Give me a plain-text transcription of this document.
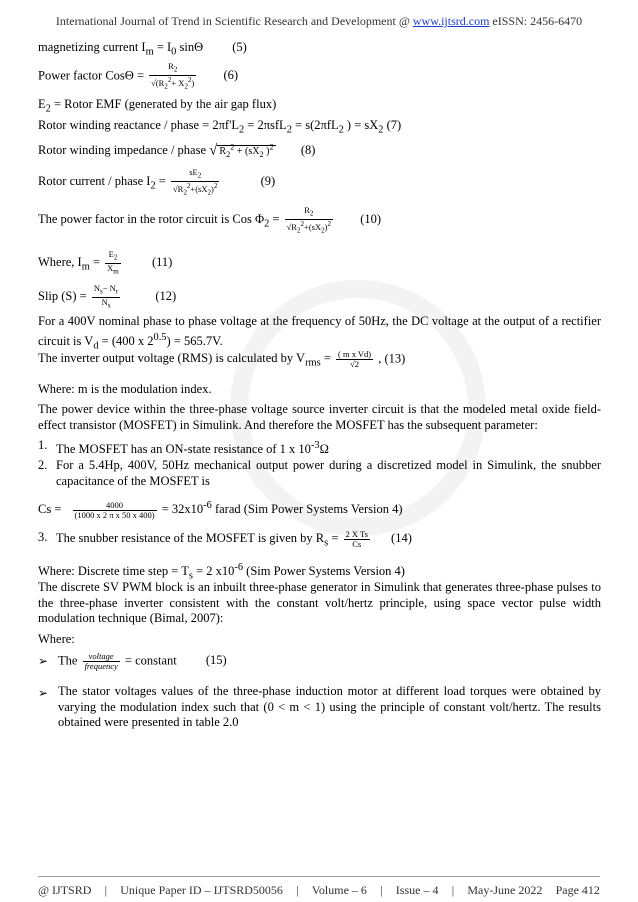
International Journal of Trend in Scientific Research and Development @ www.ijtsrd.com eISSN: 2456-6470
magnetizing current $I_m = I_0$ sinΘ (5)
Power factor $Cos\Theta = \frac{R_2}{√(R_2^2+ X_2^2)} (6)$
$E_2$ = Rotor EMF (generated by the air gap flux)
Rotor winding reactance / phase = $2\pi f'L_2 = 2\pi sfL_2 = s(2\pi fL_2$ ) = $sX_2$ (7)
Rotor winding impedance / phase √ $R_2^2 + (sX_2$ )$^2$ (8)
Rotor current / phase $I_2 = \frac{sE_2}{√R_2^2+(sX_2)^2}$	(9)
The power factor in the rotor circuit is Cos $\Phi_2 = \frac{R_2}{√R_2^2+(sX_2)^2} (10)$
Where, $I_m = \frac{E_2}{X_m} (11)$
Slip $(S) = \frac{N_s- N_r}{N_s}$	(12)
For a 400V nominal phase to phase voltage at the frequency of 50Hz, the DC voltage at the output of a rectifier circuit is $V_d = (400$ x $2^{0.5}) = 565.7V$.
The inverter output voltage (RMS) is calculated by $V_{rms} = \frac{\text{( m x Vd)}}{√2}$ , (13)
Where: m is the modulation index.
The power device within the three-phase voltage source inverter circuit is that the modeled metal oxide field-effect transistor (MOSFET) in Simulink. And therefore the MOSFET has the subsequent parameter:
1. The MOSFET has an ON-state resistance of 1 x $10^{-3}\Omega$
2. For a 5.4Hp, 400V, 50Hz mechanical output power during a discretized model in Simulink, the snubber capacitance of the MOSFET is
$Cs = \frac{4000}{\text{(1000 x 2 π x 50 x 400)}} = 32x10^{-6}$ farad (Sim Power Systems Version 4)
3. The snubber resistance of the MOSFET is given by $R_s = \frac{\text{2 X Ts}}{Cs} (14)$
Where: Discrete time step = $T_s = 2$ $x10^{-6}$ (Sim Power Systems Version 4)
The discrete SV PWM block is an inbuilt three-phase generator in Simulink that generates three-phase pulses to the three-phase inverter consistent with the constant volt/hertz principle, using space vector pulse width modulation technique (Bimal, 2007):
Where:
➢ The $\frac{\text{voltage}}{\text{frequency}}$ = constant (15)
➢ The stator voltages values of the three-phase induction motor at different load torques were obtained by varying the modulation index such that (0 < m < 1) using the principle of constant volt/hertz. The results obtained were presented in table 2.0
@ IJTSRD | Unique Paper ID – IJTSRD50056 | Volume – 6 | Issue – 4 | May-June 2022 Page 412
